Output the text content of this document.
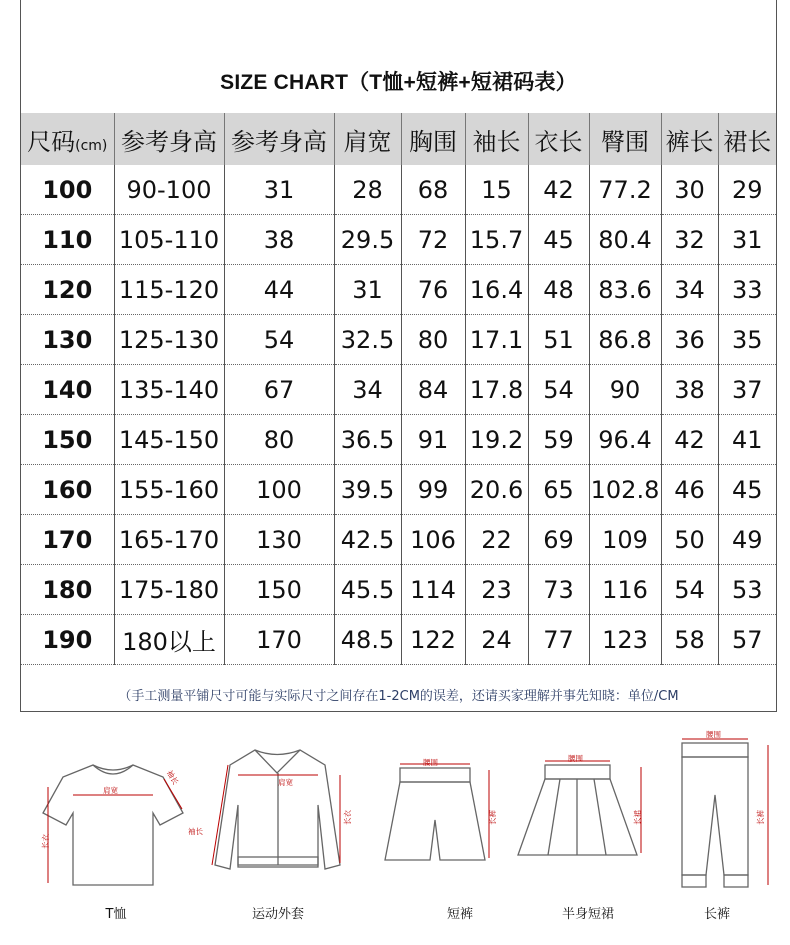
SIZE CHART（T恤+短裤+短裙码表）
尺码(cm)	参考身高	参考身高	肩宽	胸围	袖长	衣长	臀围	裤长	裙长
100	90-100	31	28	68	15	42	77.2	30	29
110	105-110	38	29.5	72	15.7	45	80.4	32	31
120	115-120	44	31	76	16.4	48	83.6	34	33
130	125-130	54	32.5	80	17.1	51	86.8	36	35
140	135-140	67	34	84	17.8	54	90	38	37
150	145-150	80	36.5	91	19.2	59	96.4	42	41
160	155-160	100	39.5	99	20.6	65	102.8	46	45
170	165-170	130	42.5	106	22	69	109	50	49
180	175-180	150	45.5	114	23	73	116	54	53
190	180以上	170	48.5	122	24	77	123	58	57
（手工测量平铺尺寸可能与实际尺寸之间存在1-2CM的误差，还请买家理解并事先知晓：单位/CM
肩宽
袖长
长衣
T恤
肩宽
袖长
长衣
运动外套
腰围
长裤
短裤
腰围
长裙
半身短裙
腰围
长裤
长裤
